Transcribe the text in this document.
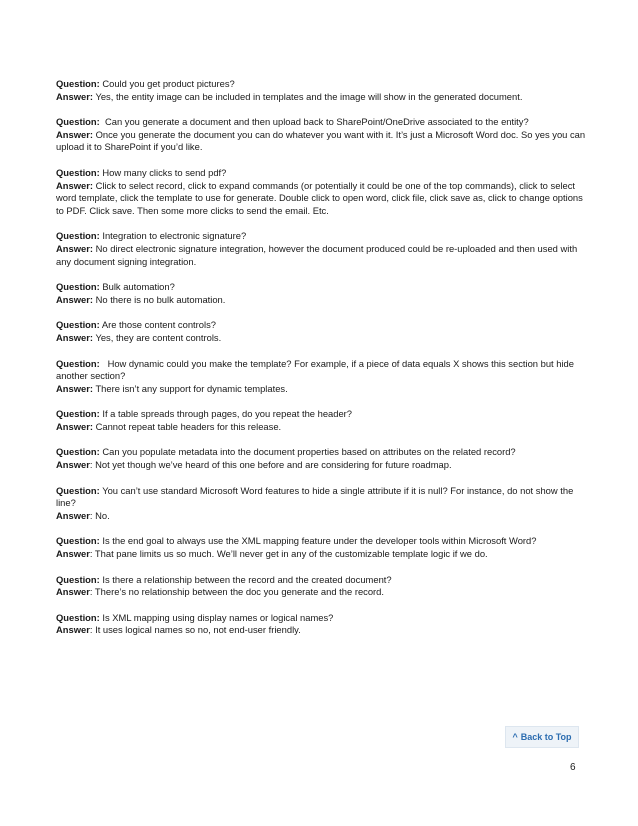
Question: Could you get product pictures?

Answer: Yes, the entity image can be included in templates and the image will show in the generated document.

Question: Can you generate a document and then upload back to SharePoint/OneDrive associated to the entity?

Answer: Once you generate the document you can do whatever you want with it. It’s just a Microsoft Word doc. So yes you can upload it to SharePoint if you’d like.

Question: How many clicks to send pdf?

Answer: Click to select record, click to expand commands (or potentially it could be one of the top commands), click to select word template, click the template to use for generate. Double click to open word, click file, click save as, click to change options to PDF. Click save. Then some more clicks to send the email. Etc.

Question: Integration to electronic signature?

Answer: No direct electronic signature integration, however the document produced could be re-uploaded and then used with any document signing integration.

Question: Bulk automation?

Answer: No there is no bulk automation.

Question: Are those content controls?

Answer: Yes, they are content controls.

Question: How dynamic could you make the template? For example, if a piece of data equals X shows this section but hide another section?

Answer: There isn’t any support for dynamic templates.

Question: If a table spreads through pages, do you repeat the header?

Answer: Cannot repeat table headers for this release.

Question: Can you populate metadata into the document properties based on attributes on the related record?

Answer: Not yet though we’ve heard of this one before and are considering for future roadmap.

Question: You can’t use standard Microsoft Word features to hide a single attribute if it is null? For instance, do not show the line?

Answer: No.

Question: Is the end goal to always use the XML mapping feature under the developer tools within Microsoft Word?

Answer: That pane limits us so much. We’ll never get in any of the customizable template logic if we do.

Question: Is there a relationship between the record and the created document?

Answer: There’s no relationship between the doc you generate and the record.

Question: Is XML mapping using display names or logical names?

Answer: It uses logical names so no, not end-user friendly.

^ Back to Top
6
